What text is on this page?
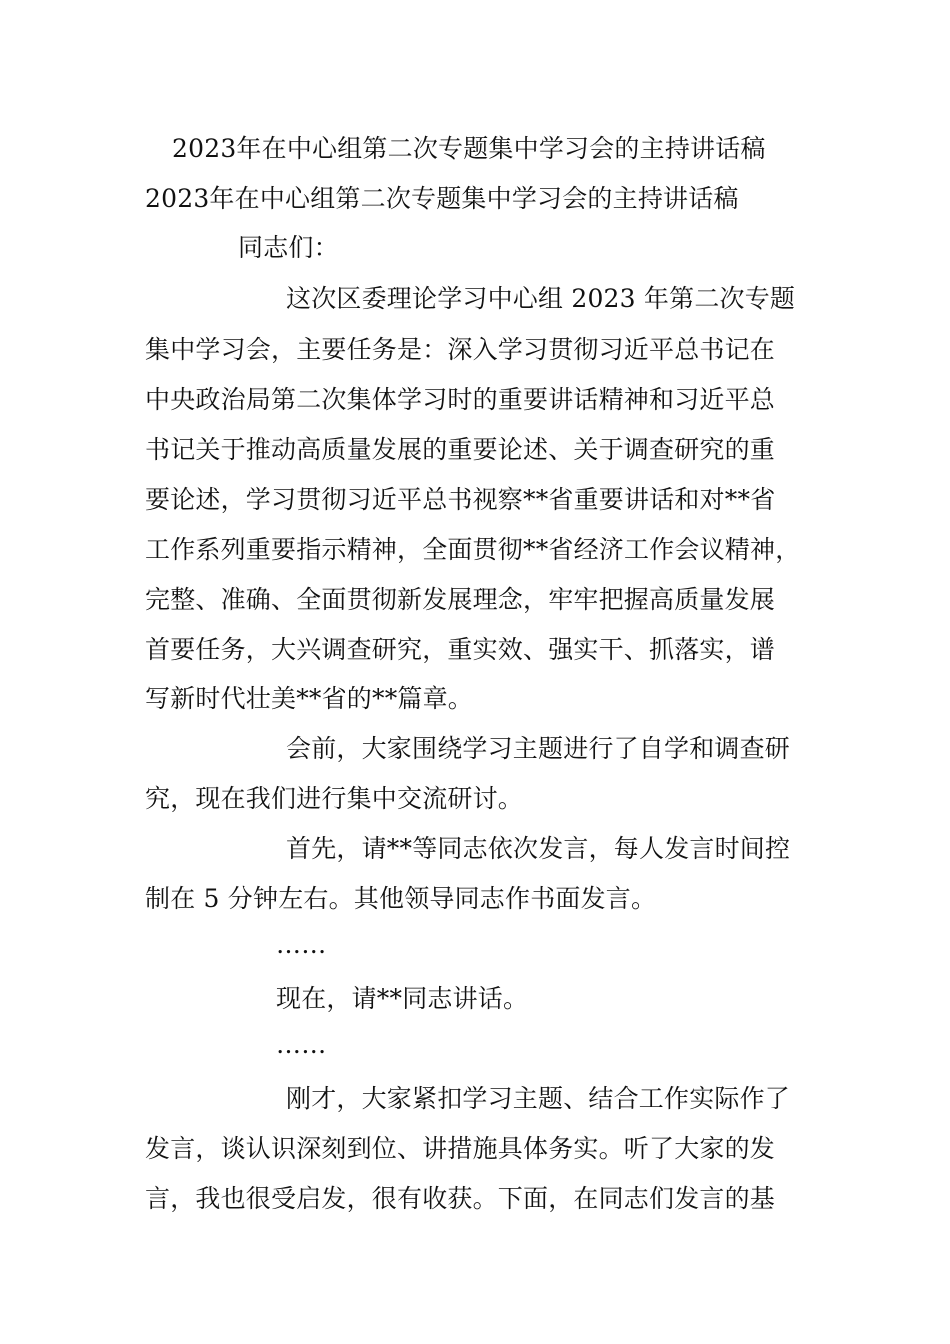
2023年在中心组第二次专题集中学习会的主持讲话稿
2023年在中心组第二次专题集中学习会的主持讲话稿
同志们：
这次区委理论学习中心组 2023 年第二次专题
集中学习会，主要任务是：深入学习贯彻习近平总书记在
中央政治局第二次集体学习时的重要讲话精神和习近平总
书记关于推动高质量发展的重要论述、关于调查研究的重
要论述，学习贯彻习近平总书视察**省重要讲话和对**省
工作系列重要指示精神，全面贯彻**省经济工作会议精神，
完整、准确、全面贯彻新发展理念，牢牢把握高质量发展
首要任务，大兴调查研究，重实效、强实干、抓落实，谱
写新时代壮美**省的**篇章。
会前，大家围绕学习主题进行了自学和调查研
究，现在我们进行集中交流研讨。
首先，请**等同志依次发言，每人发言时间控
制在 5 分钟左右。其他领导同志作书面发言。
……
现在，请**同志讲话。
……
刚才，大家紧扣学习主题、结合工作实际作了
发言，谈认识深刻到位、讲措施具体务实。听了大家的发
言，我也很受启发，很有收获。下面，在同志们发言的基
